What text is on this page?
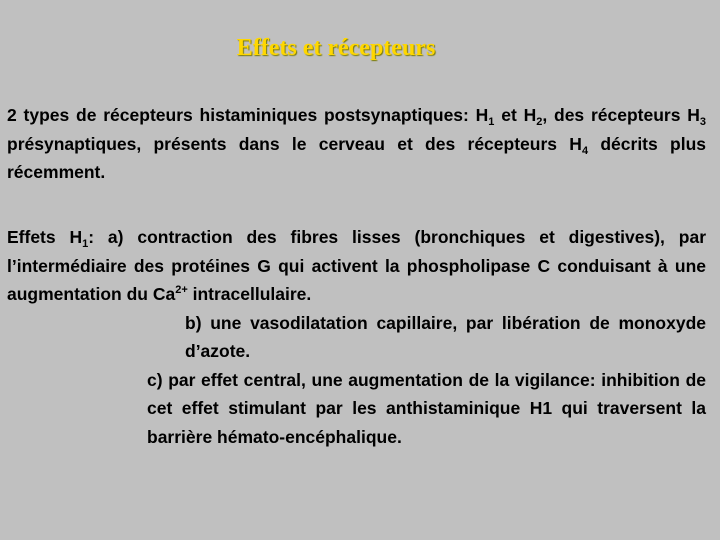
Effets et récepteurs
2 types de récepteurs histaminiques postsynaptiques: $H_1$ et $H_2$, des récepteurs $H_3$ présynaptiques, présents dans le cerveau et des récepteurs $H_4$ décrits plus récemment.
Effets $H_1$: a) contraction des fibres lisses (bronchiques et digestives), par l’intermédiaire des protéines G qui activent la phospholipase C conduisant à une augmentation du $Ca^{2+}$ intracellulaire.
b) une vasodilatation capillaire, par libération de monoxyde d’azote.
c) par effet central, une augmentation de la vigilance: inhibition de cet effet stimulant par les anthistaminique H1 qui traversent la barrière hémato-encéphalique.
